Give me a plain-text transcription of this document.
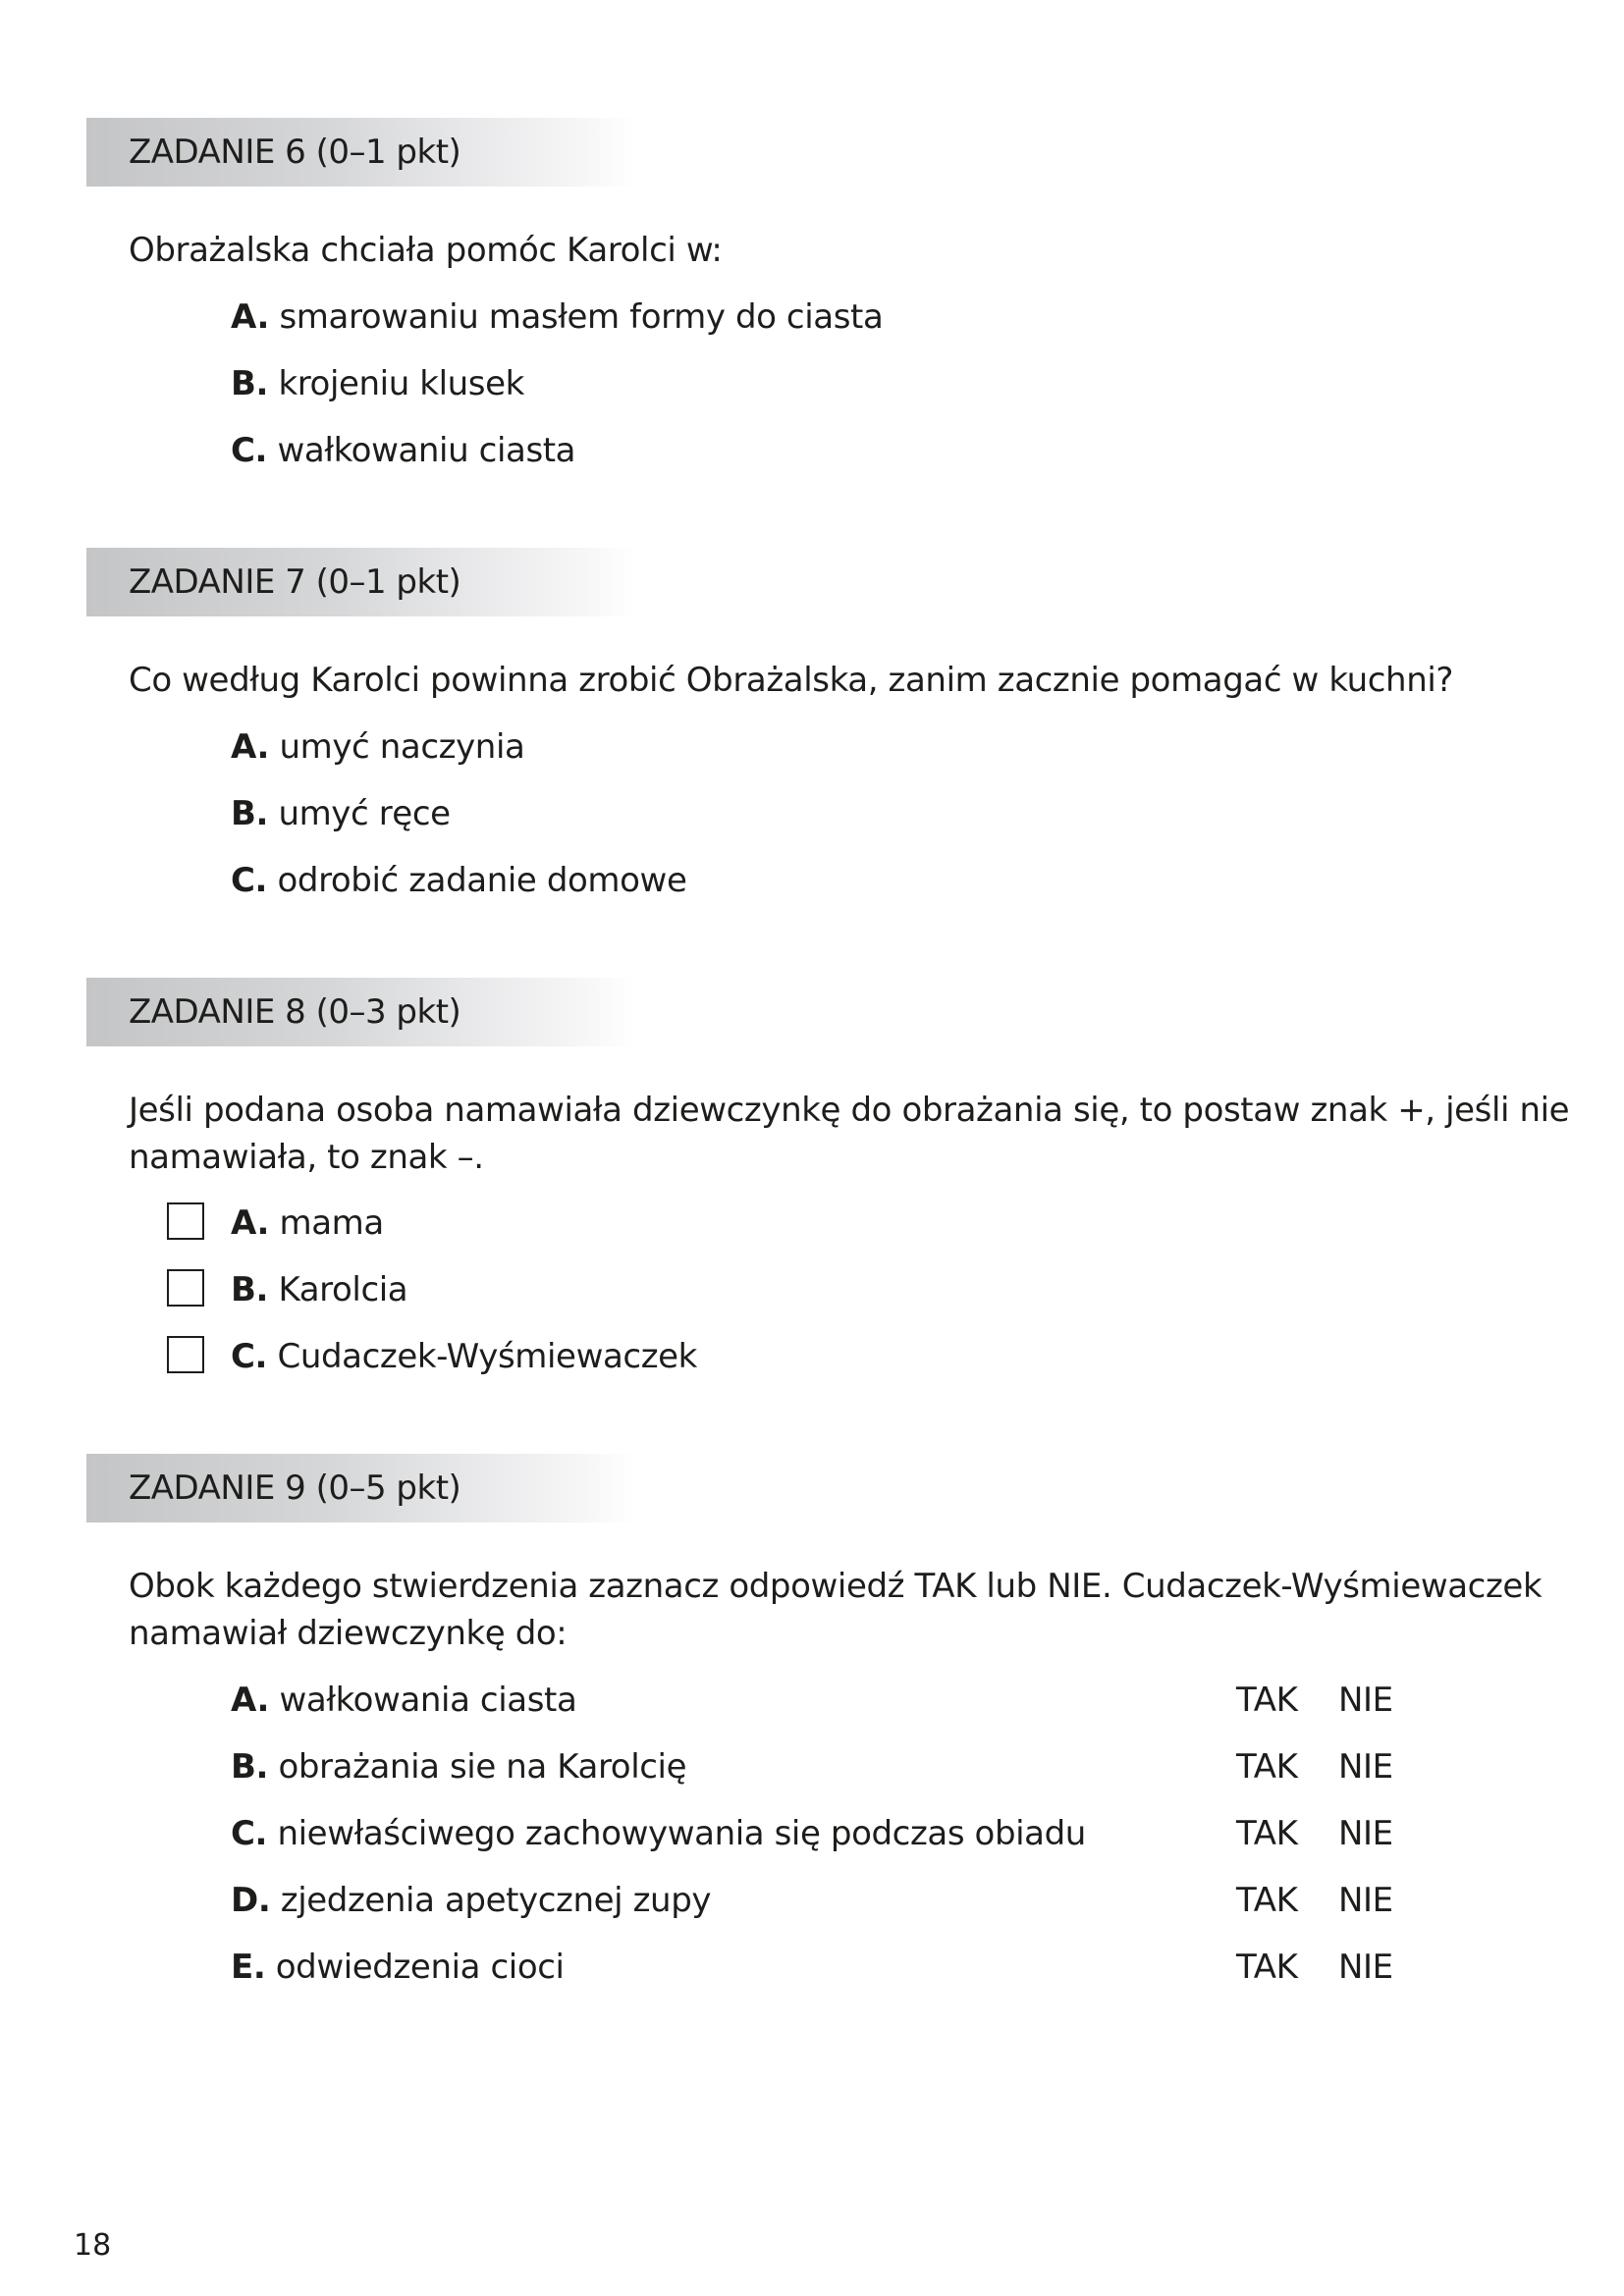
ZADANIE 6 (0–1 pkt)
Obrażalska chciała pomóc Karolci w:
A. smarowaniu masłem formy do ciasta
B. krojeniu klusek
C. wałkowaniu ciasta
ZADANIE 7 (0–1 pkt)
Co według Karolci powinna zrobić Obrażalska, zanim zacznie pomagać w kuchni?
A. umyć naczynia
B. umyć ręce
C. odrobić zadanie domowe
ZADANIE 8 (0–3 pkt)
Jeśli podana osoba namawiała dziewczynkę do obrażania się, to postaw znak +, jeśli nie
namawiała, to znak –.
A. mama
B. Karolcia
C. Cudaczek-Wyśmiewaczek
ZADANIE 9 (0–5 pkt)
Obok każdego stwierdzenia zaznacz odpowiedź TAK lub NIE. Cudaczek-Wyśmiewaczek
namawiał dziewczynkę do:
A. wałkowania ciasta	TAK NIE
B. obrażania sie na Karolcię	TAK NIE
C. niewłaściwego zachowywania się podczas obiadu	TAK NIE
D. zjedzenia apetycznej zupy	TAK NIE
E. odwiedzenia cioci	TAK NIE
18
